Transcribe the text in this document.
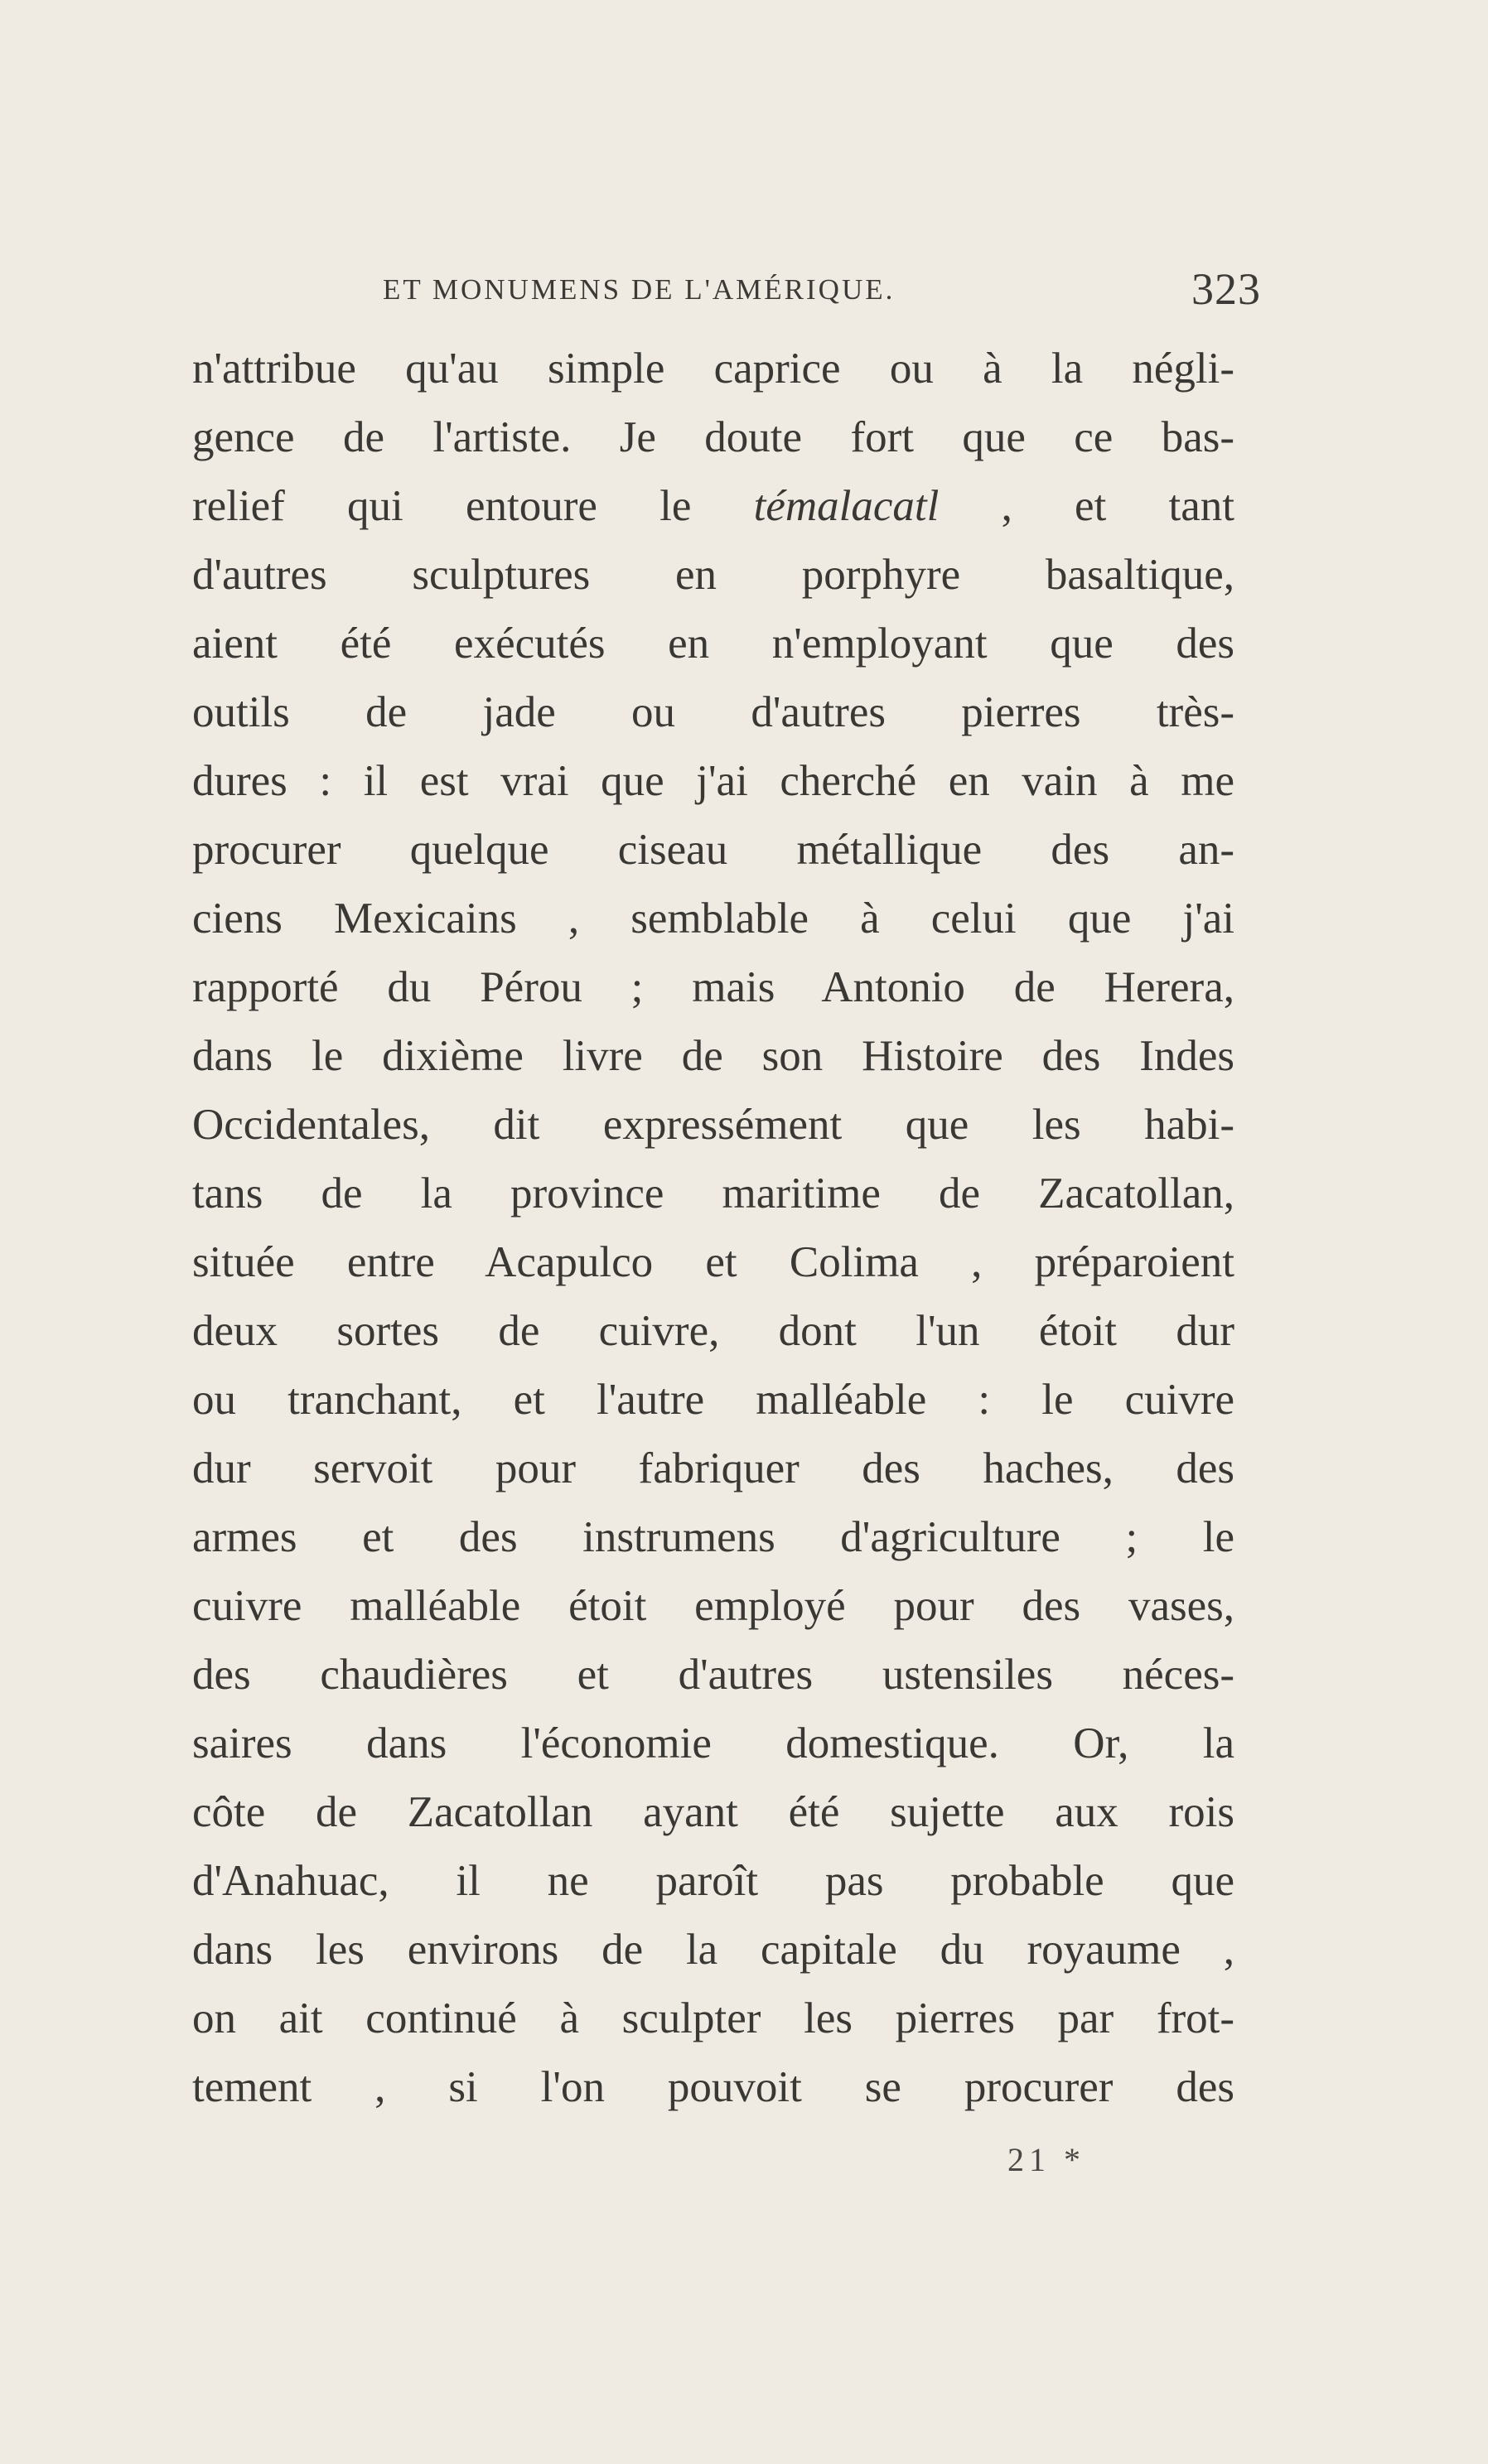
ET MONUMENS DE L'AMÉRIQUE.	323
n'attribue qu'au simple caprice ou à la négli-
gence de l'artiste. Je doute fort que ce bas-
relief qui entoure le témalacatl , et tant
d'autres sculptures en porphyre basaltique,
aient été exécutés en n'employant que des
outils de jade ou d'autres pierres très-
dures : il est vrai que j'ai cherché en vain à me
procurer quelque ciseau métallique des an-
ciens Mexicains , semblable à celui que j'ai
rapporté du Pérou ; mais Antonio de Herera,
dans le dixième livre de son Histoire des Indes
Occidentales, dit expressément que les habi-
tans de la province maritime de Zacatollan,
située entre Acapulco et Colima , préparoient
deux sortes de cuivre, dont l'un étoit dur
ou tranchant, et l'autre malléable : le cuivre
dur servoit pour fabriquer des haches, des
armes et des instrumens d'agriculture ; le
cuivre malléable étoit employé pour des vases,
des chaudières et d'autres ustensiles néces-
saires dans l'économie domestique. Or, la
côte de Zacatollan ayant été sujette aux rois
d'Anahuac, il ne paroît pas probable que
dans les environs de la capitale du royaume ,
on ait continué à sculpter les pierres par frot-
tement , si l'on pouvoit se procurer des
21 *
